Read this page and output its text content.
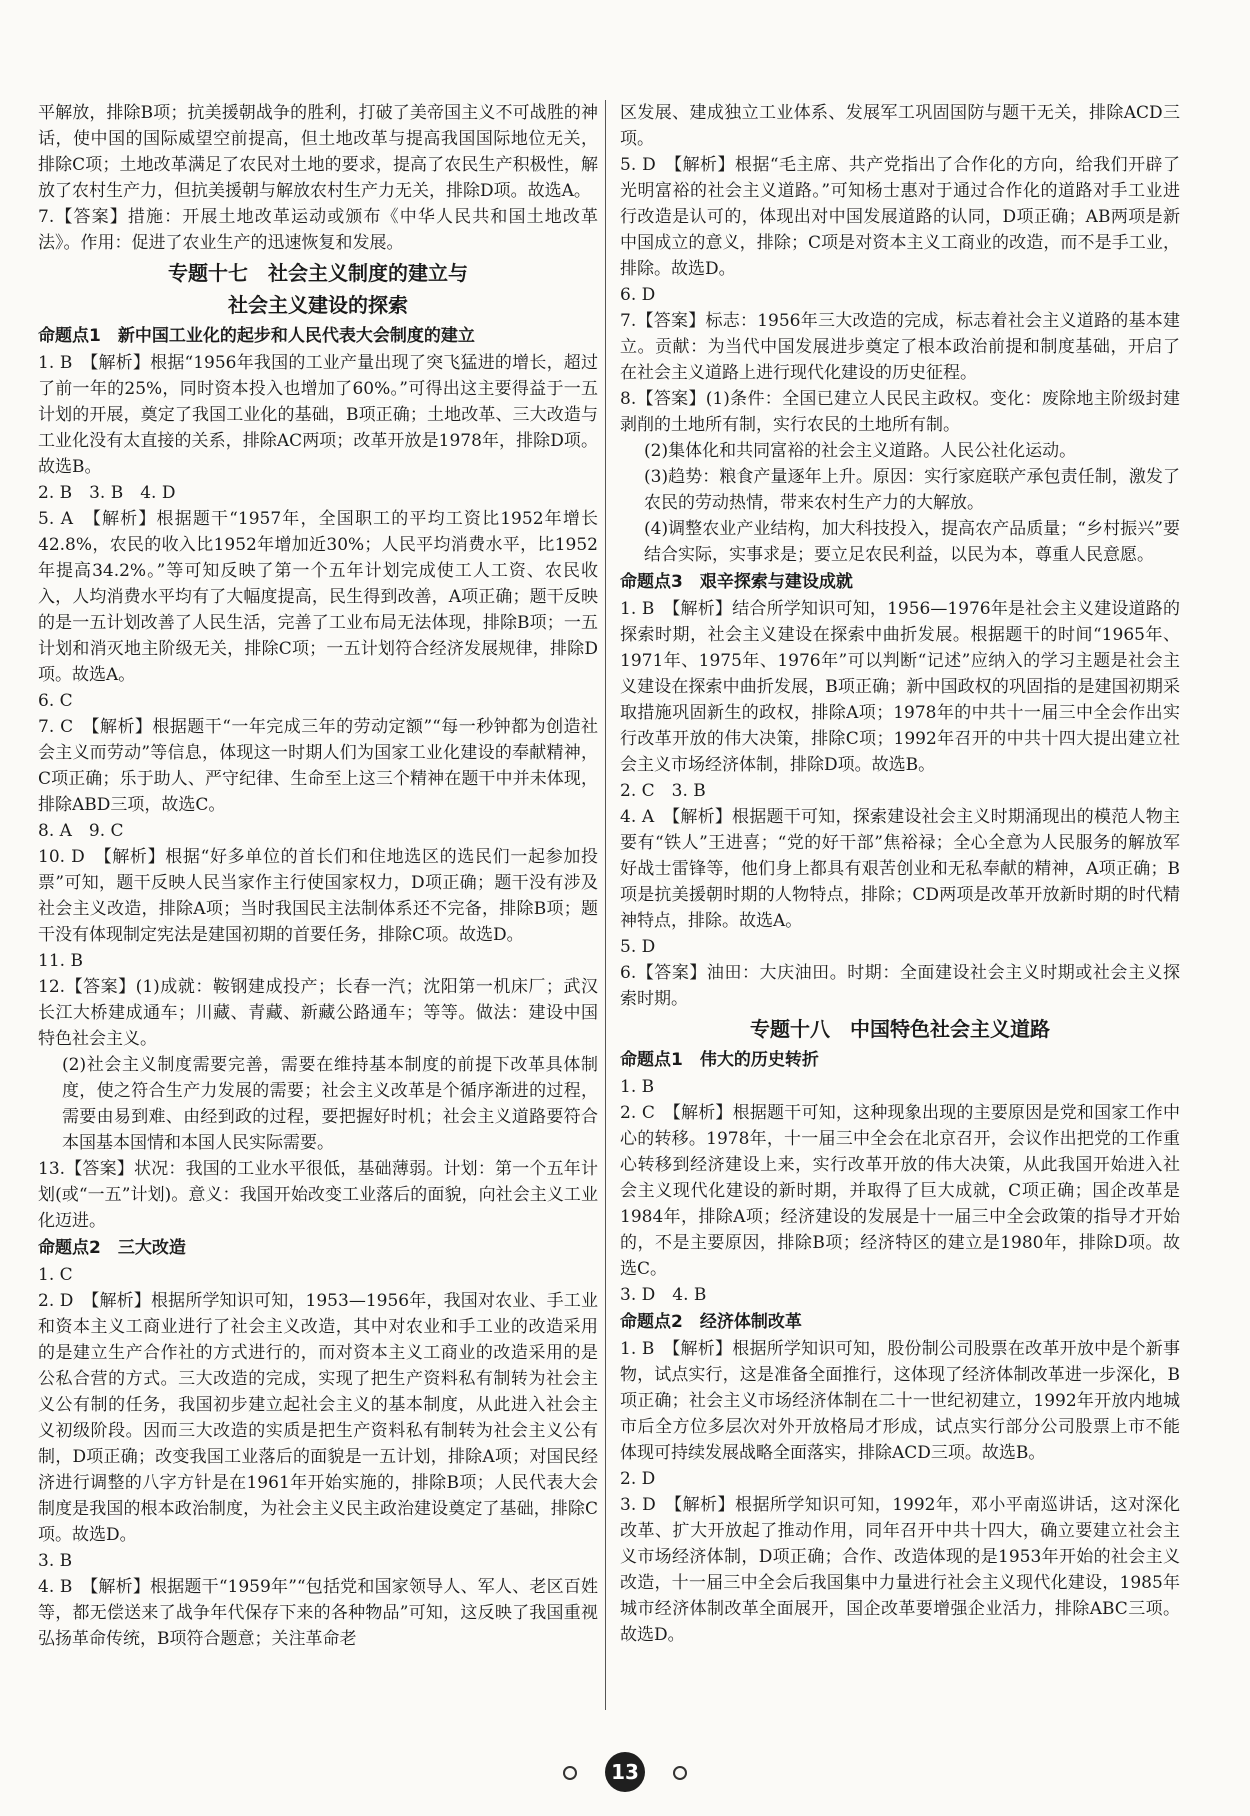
平解放，排除B项；抗美援朝战争的胜利，打破了美帝国主义不可战胜的神话，使中国的国际威望空前提高，但土地改革与提高我国国际地位无关，排除C项；土地改革满足了农民对土地的要求，提高了农民生产积极性，解放了农村生产力，但抗美援朝与解放农村生产力无关，排除D项。故选A。

7.【答案】措施：开展土地改革运动或颁布《中华人民共和国土地改革法》。作用：促进了农业生产的迅速恢复和发展。

专题十七　社会主义制度的建立与
社会主义建设的探索
命题点1　新中国工业化的起步和人民代表大会制度的建立

1. B　【解析】根据“1956年我国的工业产量出现了突飞猛进的增长，超过了前一年的25%，同时资本投入也增加了60%。”可得出这主要得益于一五计划的开展，奠定了我国工业化的基础，B项正确；土地改革、三大改造与工业化没有太直接的关系，排除AC两项；改革开放是1978年，排除D项。故选B。

2. B　3. B　4. D

5. A　【解析】根据题干“1957年，全国职工的平均工资比1952年增长42.8%，农民的收入比1952年增加近30%；人民平均消费水平，比1952年提高34.2%。”等可知反映了第一个五年计划完成使工人工资、农民收入，人均消费水平均有了大幅度提高，民生得到改善，A项正确；题干反映的是一五计划改善了人民生活，完善了工业布局无法体现，排除B项；一五计划和消灭地主阶级无关，排除C项；一五计划符合经济发展规律，排除D项。故选A。

6. C

7. C　【解析】根据题干“一年完成三年的劳动定额”“每一秒钟都为创造社会主义而劳动”等信息，体现这一时期人们为国家工业化建设的奉献精神，C项正确；乐于助人、严守纪律、生命至上这三个精神在题干中并未体现，排除ABD三项，故选C。

8. A　9. C

10. D　【解析】根据“好多单位的首长们和住地选区的选民们一起参加投票”可知，题干反映人民当家作主行使国家权力，D项正确；题干没有涉及社会主义改造，排除A项；当时我国民主法制体系还不完备，排除B项；题干没有体现制定宪法是建国初期的首要任务，排除C项。故选D。

11. B

12.【答案】(1)成就：鞍钢建成投产；长春一汽；沈阳第一机床厂；武汉长江大桥建成通车；川藏、青藏、新藏公路通车；等等。做法：建设中国特色社会主义。

(2)社会主义制度需要完善，需要在维持基本制度的前提下改革具体制度，使之符合生产力发展的需要；社会主义改革是个循序渐进的过程，需要由易到难、由经到政的过程，要把握好时机；社会主义道路要符合本国基本国情和本国人民实际需要。

13.【答案】状况：我国的工业水平很低，基础薄弱。计划：第一个五年计划(或“一五”计划)。意义：我国开始改变工业落后的面貌，向社会主义工业化迈进。

命题点2　三大改造

1. C

2. D　【解析】根据所学知识可知，1953—1956年，我国对农业、手工业和资本主义工商业进行了社会主义改造，其中对农业和手工业的改造采用的是建立生产合作社的方式进行的，而对资本主义工商业的改造采用的是公私合营的方式。三大改造的完成，实现了把生产资料私有制转为社会主义公有制的任务，我国初步建立起社会主义的基本制度，从此进入社会主义初级阶段。因而三大改造的实质是把生产资料私有制转为社会主义公有制，D项正确；改变我国工业落后的面貌是一五计划，排除A项；对国民经济进行调整的八字方针是在1961年开始实施的，排除B项；人民代表大会制度是我国的根本政治制度，为社会主义民主政治建设奠定了基础，排除C项。故选D。

3. B

4. B　【解析】根据题干“1959年”“包括党和国家领导人、军人、老区百姓等，都无偿送来了战争年代保存下来的各种物品”可知，这反映了我国重视弘扬革命传统，B项符合题意；关注革命老

区发展、建成独立工业体系、发展军工巩固国防与题干无关，排除ACD三项。

5. D　【解析】根据“毛主席、共产党指出了合作化的方向，给我们开辟了光明富裕的社会主义道路。”可知杨士惠对于通过合作化的道路对手工业进行改造是认可的，体现出对中国发展道路的认同，D项正确；AB两项是新中国成立的意义，排除；C项是对资本主义工商业的改造，而不是手工业，排除。故选D。

6. D

7.【答案】标志：1956年三大改造的完成，标志着社会主义道路的基本建立。贡献：为当代中国发展进步奠定了根本政治前提和制度基础，开启了在社会主义道路上进行现代化建设的历史征程。

8.【答案】(1)条件：全国已建立人民民主政权。变化：废除地主阶级封建剥削的土地所有制，实行农民的土地所有制。

(2)集体化和共同富裕的社会主义道路。人民公社化运动。

(3)趋势：粮食产量逐年上升。原因：实行家庭联产承包责任制，激发了农民的劳动热情，带来农村生产力的大解放。

(4)调整农业产业结构，加大科技投入，提高农产品质量；“乡村振兴”要结合实际，实事求是；要立足农民利益，以民为本，尊重人民意愿。

命题点3　艰辛探索与建设成就

1. B　【解析】结合所学知识可知，1956—1976年是社会主义建设道路的探索时期，社会主义建设在探索中曲折发展。根据题干的时间“1965年、1971年、1975年、1976年”可以判断“记述”应纳入的学习主题是社会主义建设在探索中曲折发展，B项正确；新中国政权的巩固指的是建国初期采取措施巩固新生的政权，排除A项；1978年的中共十一届三中全会作出实行改革开放的伟大决策，排除C项；1992年召开的中共十四大提出建立社会主义市场经济体制，排除D项。故选B。

2. C　3. B

4. A　【解析】根据题干可知，探索建设社会主义时期涌现出的模范人物主要有“铁人”王进喜；“党的好干部”焦裕禄；全心全意为人民服务的解放军好战士雷锋等，他们身上都具有艰苦创业和无私奉献的精神，A项正确；B项是抗美援朝时期的人物特点，排除；CD两项是改革开放新时期的时代精神特点，排除。故选A。

5. D

6.【答案】油田：大庆油田。时期：全面建设社会主义时期或社会主义探索时期。

专题十八　中国特色社会主义道路
命题点1　伟大的历史转折

1. B

2. C　【解析】根据题干可知，这种现象出现的主要原因是党和国家工作中心的转移。1978年，十一届三中全会在北京召开，会议作出把党的工作重心转移到经济建设上来，实行改革开放的伟大决策，从此我国开始进入社会主义现代化建设的新时期，并取得了巨大成就，C项正确；国企改革是1984年，排除A项；经济建设的发展是十一届三中全会政策的指导才开始的，不是主要原因，排除B项；经济特区的建立是1980年，排除D项。故选C。

3. D　4. B

命题点2　经济体制改革

1. B　【解析】根据所学知识可知，股份制公司股票在改革开放中是个新事物，试点实行，这是准备全面推行，这体现了经济体制改革进一步深化，B项正确；社会主义市场经济体制在二十一世纪初建立，1992年开放内地城市后全方位多层次对外开放格局才形成，试点实行部分公司股票上市不能体现可持续发展战略全面落实，排除ACD三项。故选B。

2. D

3. D　【解析】根据所学知识可知，1992年，邓小平南巡讲话，这对深化改革、扩大开放起了推动作用，同年召开中共十四大，确立要建立社会主义市场经济体制，D项正确；合作、改造体现的是1953年开始的社会主义改造，十一届三中全会后我国集中力量进行社会主义现代化建设，1985年城市经济体制改革全面展开，国企改革要增强企业活力，排除ABC三项。故选D。

13
